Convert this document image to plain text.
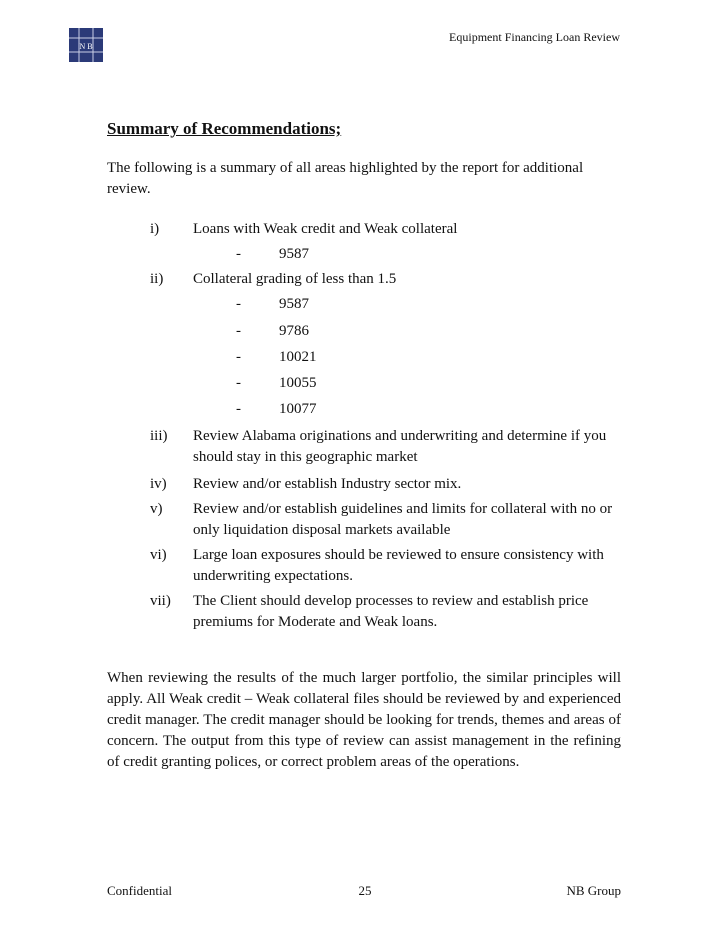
N B
Equipment Financing Loan Review
Summary of Recommendations;

The following is a summary of all areas highlighted by the report for additional review.

i) Loans with Weak credit and Weak collateral
-	9587
ii) Collateral grading of less than 1.5
-	9587
-	9786
-	10021
-	10055
-	10077
iii) Review Alabama originations and underwriting and determine if you should stay in this geographic market
iv) Review and/or establish Industry sector mix.
v) Review and/or establish guidelines and limits for collateral with no or only liquidation disposal markets available
vi) Large loan exposures should be reviewed to ensure consistency with underwriting expectations.
vii) The Client should develop processes to review and establish price premiums for Moderate and Weak loans.

When reviewing the results of the much larger portfolio, the similar principles will apply. All Weak credit – Weak collateral files should be reviewed by and experienced credit manager. The credit manager should be looking for trends, themes and areas of concern. The output from this type of review can assist management in the refining of credit granting polices, or correct problem areas of the operations.

Confidential	25	NB Group
